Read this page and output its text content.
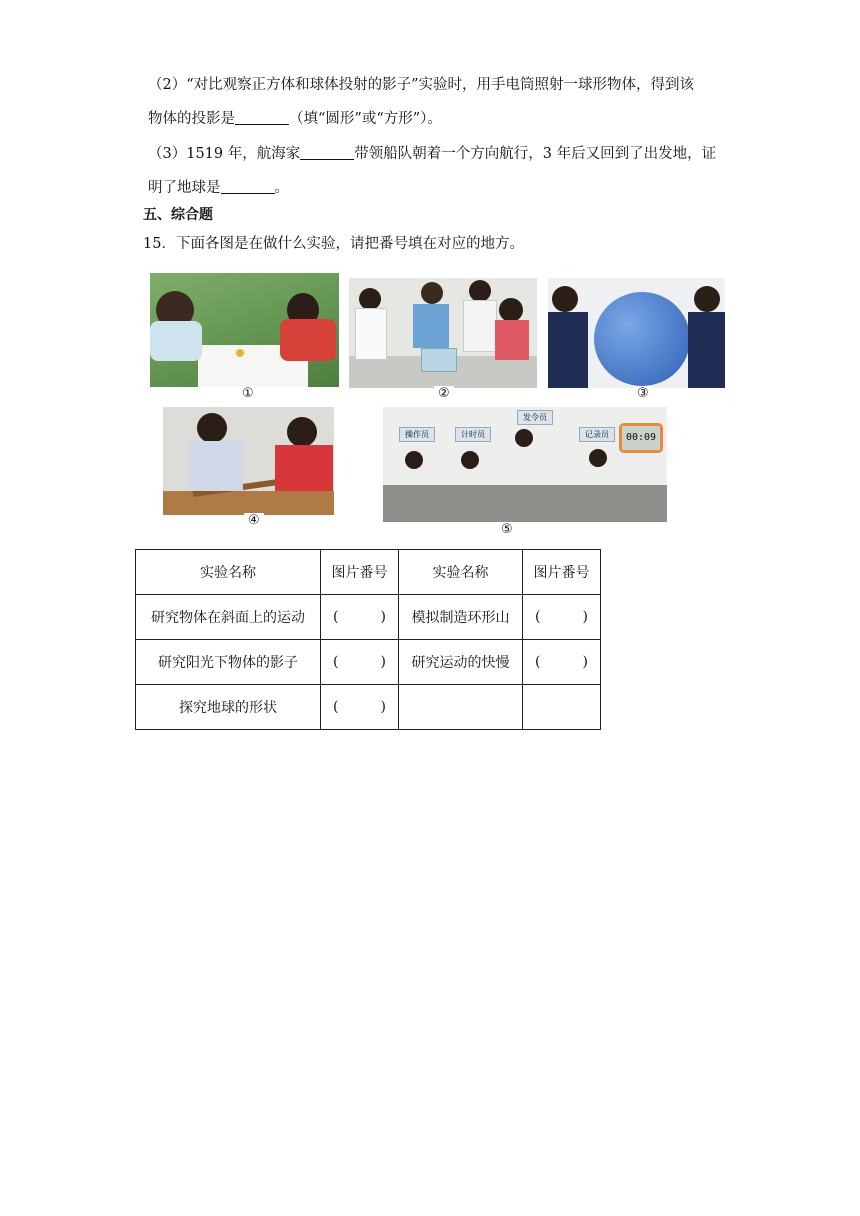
（2）“对比观察正方体和球体投射的影子”实验时，用手电筒照射一球形物体，得到该
物体的投影是	（填“圆形”或“方形”）。
（3）1519 年，航海家	带领船队朝着一个方向航行，3 年后又回到了出发地，证
明了地球是	。
五、综合题
15．下面各图是在做什么实验，请把番号填在对应的地方。
①	②	③
④
操作员	计时员
发令员
记录员	00:09
⑤
实验名称	图片番号	实验名称	图片番号
研究物体在斜面上的运动	( )	模拟制造环形山	( )

研究阳光下物体的影子	( )	研究运动的快慢	( )

探究地球的形状	( )		
